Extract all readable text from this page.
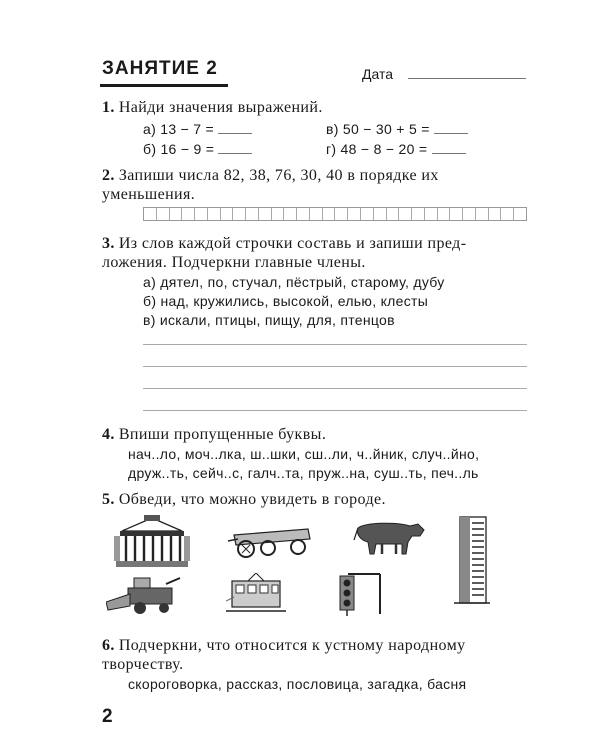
ЗАНЯТИЕ 2	Дата
1. Найди значения выражений.
а) 13 − 7 =	в) 50 − 30 + 5 =
б) 16 − 9 =	г) 48 − 8 − 20 =
2. Запиши числа 82, 38, 76, 30, 40 в порядке их
уменьшения.
3. Из слов каждой строчки составь и запиши пред-
ложения. Подчеркни главные члены.
а) дятел, по, стучал, пёстрый, старому, дубу
б) над, кружились, высокой, елью, клесты
в) искали, птицы, пищу, для, птенцов
4. Впиши пропущенные буквы.
нач..ло, моч..лка, ш..шки, сш..ли, ч..йник, случ..йно,
друж..ть, сейч..с, галч..та, пруж..на, суш..ть, печ..ль
5. Обведи, что можно увидеть в городе.
6. Подчеркни, что относится к устному народному
творчеству.
скороговорка, рассказ, пословица, загадка, басня
2
